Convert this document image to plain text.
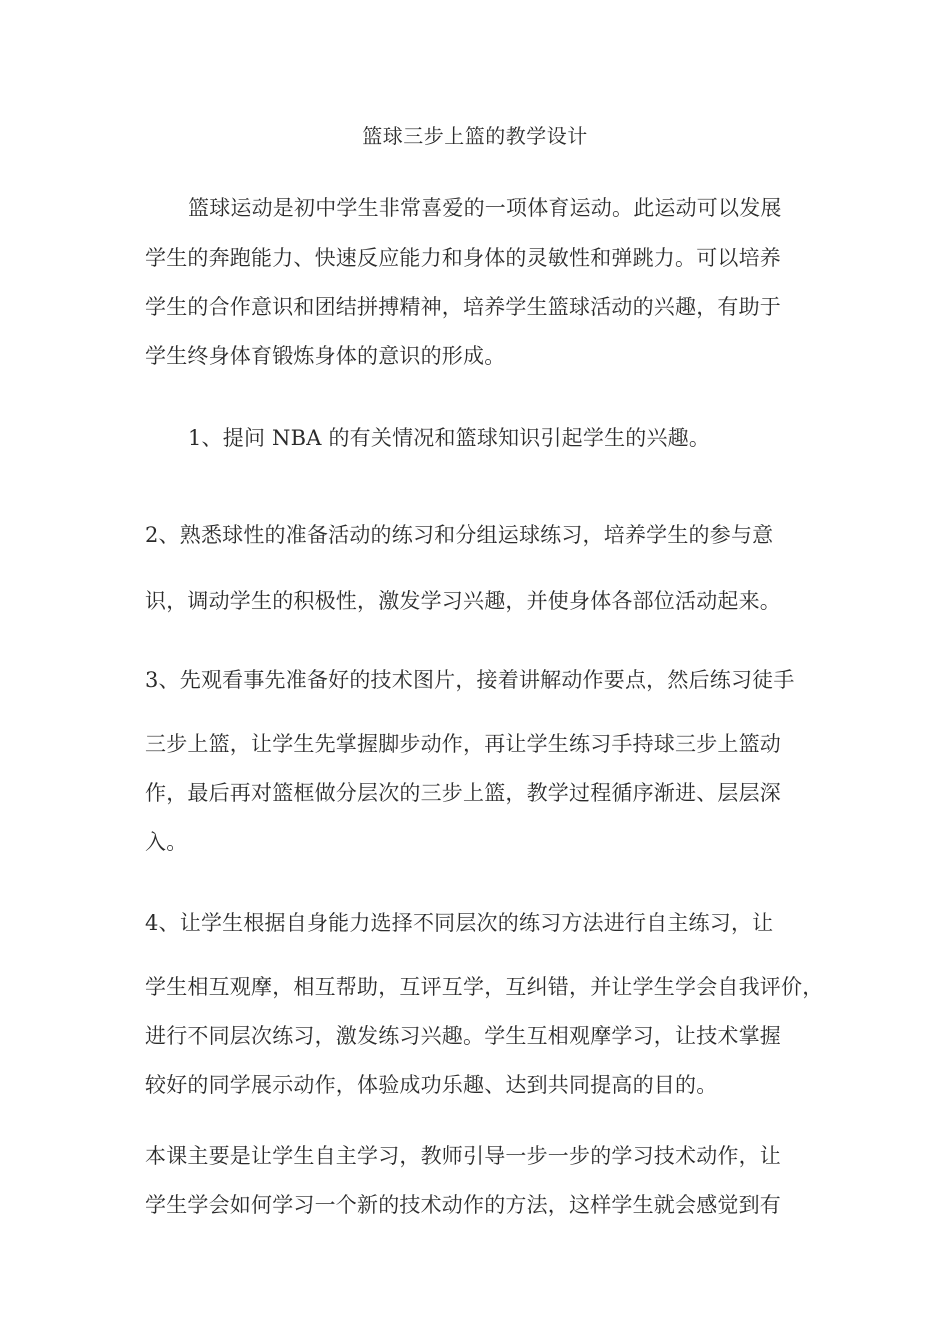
篮球三步上篮的教学设计
篮球运动是初中学生非常喜爱的一项体育运动。此运动可以发展
学生的奔跑能力、快速反应能力和身体的灵敏性和弹跳力。可以培养
学生的合作意识和团结拼搏精神，培养学生篮球活动的兴趣，有助于
学生终身体育锻炼身体的意识的形成。
1、提问 NBA 的有关情况和篮球知识引起学生的兴趣。
2、熟悉球性的准备活动的练习和分组运球练习，培养学生的参与意
识，调动学生的积极性，激发学习兴趣，并使身体各部位活动起来。
3、先观看事先准备好的技术图片，接着讲解动作要点，然后练习徒手
三步上篮，让学生先掌握脚步动作，再让学生练习手持球三步上篮动
作，最后再对篮框做分层次的三步上篮，教学过程循序渐进、层层深
入。
4、让学生根据自身能力选择不同层次的练习方法进行自主练习，让
学生相互观摩，相互帮助，互评互学，互纠错，并让学生学会自我评价，
进行不同层次练习，激发练习兴趣。学生互相观摩学习，让技术掌握
较好的同学展示动作，体验成功乐趣、达到共同提高的目的。
本课主要是让学生自主学习，教师引导一步一步的学习技术动作，让
学生学会如何学习一个新的技术动作的方法，这样学生就会感觉到有
